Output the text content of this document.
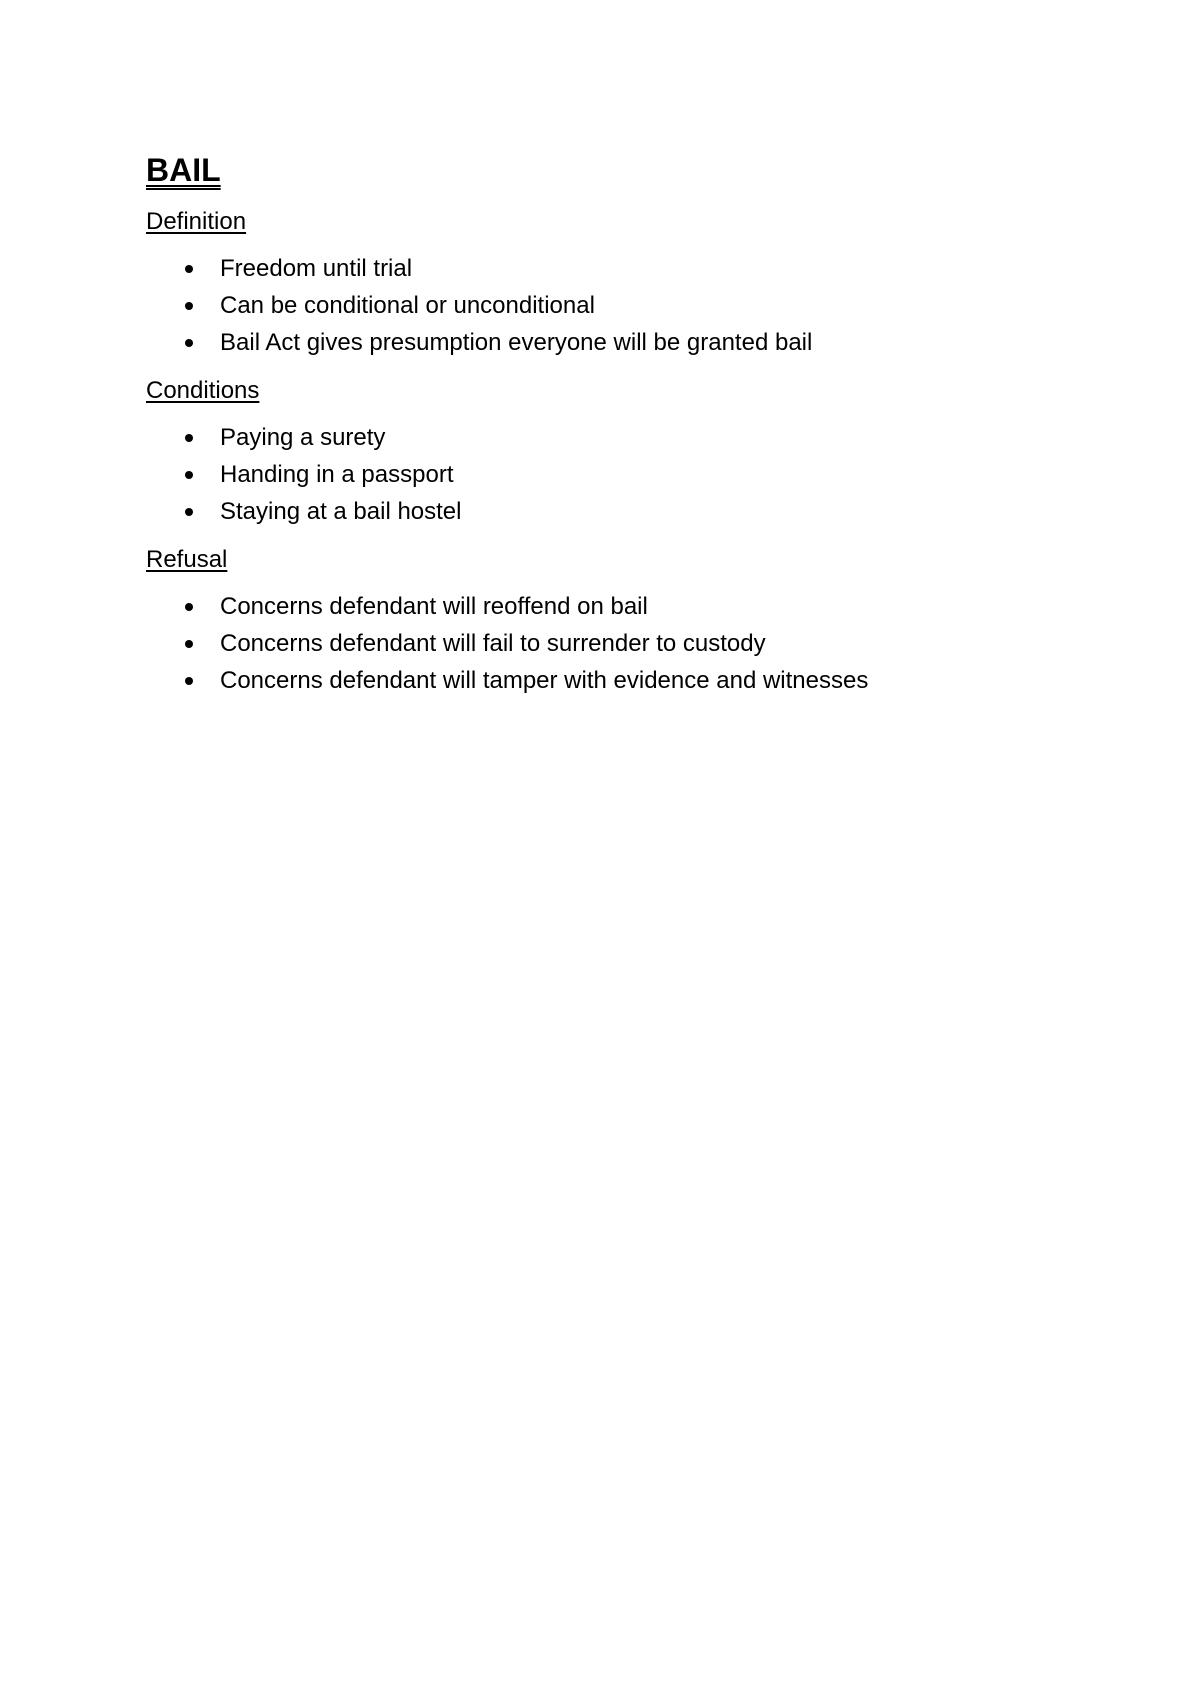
BAIL
Definition
Freedom until trial
Can be conditional or unconditional
Bail Act gives presumption everyone will be granted bail
Conditions
Paying a surety
Handing in a passport
Staying at a bail hostel
Refusal
Concerns defendant will reoffend on bail
Concerns defendant will fail to surrender to custody
Concerns defendant will tamper with evidence and witnesses
